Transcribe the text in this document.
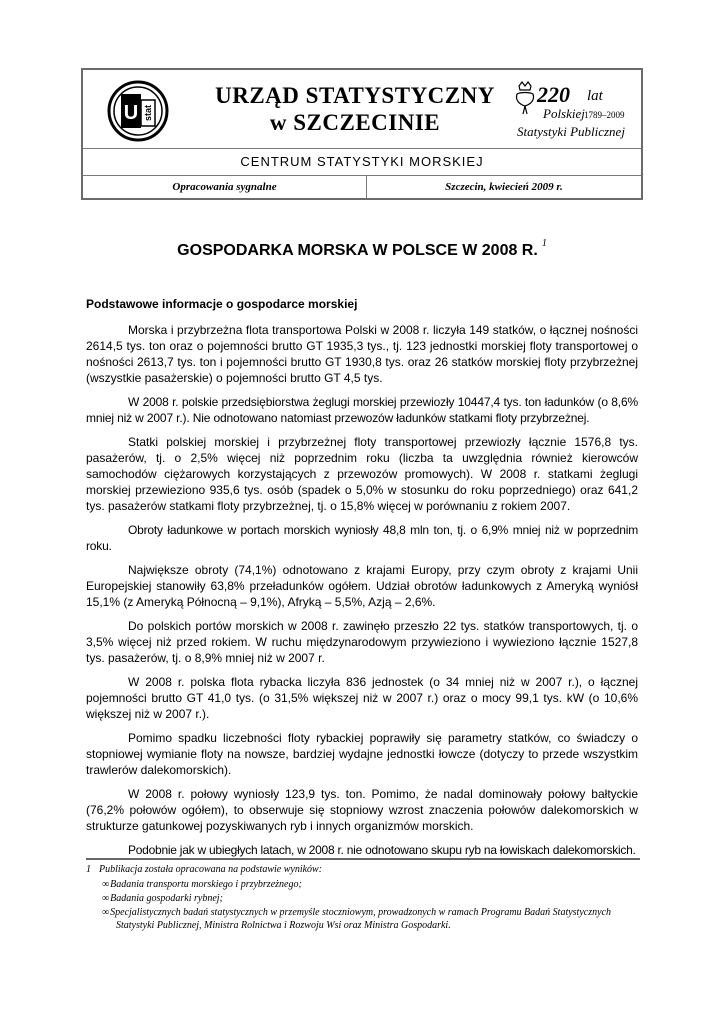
U stat
URZĄD STATYSTYCZNY
w SZCZECINIE
220 lat
Polskiej 1789–2009
Statystyki Publicznej
CENTRUM STATYSTYKI MORSKIEJ
Opracowania sygnalne	Szczecin, kwiecień 2009 r.
GOSPODARKA MORSKA W POLSCE W 2008 R. $^1$
Podstawowe informacje o gospodarce morskiej

Morska i przybrzeżna flota transportowa Polski w 2008 r. liczyła 149 statków, o łącznej nośności 2614,5 tys. ton oraz o pojemności brutto GT 1935,3 tys., tj. 123 jednostki morskiej floty transportowej o nośności 2613,7 tys. ton i pojemności brutto GT 1930,8 tys. oraz 26 statków morskiej floty przybrzeżnej (wszystkie pasażerskie) o pojemności brutto GT 4,5 tys.

W 2008 r. polskie przedsiębiorstwa żeglugi morskiej przewiozły 10447,4 tys. ton ładunków (o 8,6% mniej niż w 2007 r.). Nie odnotowano natomiast przewozów ładunków statkami floty przybrzeżnej.

Statki polskiej morskiej i przybrzeżnej floty transportowej przewiozły łącznie 1576,8 tys. pasażerów, tj. o 2,5% więcej niż poprzednim roku (liczba ta uwzględnia również kierowców samochodów ciężarowych korzystających z przewozów promowych). W 2008 r. statkami żeglugi morskiej przewieziono 935,6 tys. osób (spadek o 5,0% w stosunku do roku poprzedniego) oraz 641,2 tys. pasażerów statkami floty przybrzeżnej, tj. o 15,8% więcej w porównaniu z rokiem 2007.

Obroty ładunkowe w portach morskich wyniosły 48,8 mln ton, tj. o 6,9% mniej niż w poprzednim roku.

Największe obroty (74,1%) odnotowano z krajami Europy, przy czym obroty z krajami Unii Europejskiej stanowiły 63,8% przeładunków ogółem. Udział obrotów ładunkowych z Ameryką wyniósł 15,1% (z Ameryką Północną – 9,1%), Afryką – 5,5%, Azją – 2,6%.

Do polskich portów morskich w 2008 r. zawinęło przeszło 22 tys. statków transportowych, tj. o 3,5% więcej niż przed rokiem. W ruchu międzynarodowym przywieziono i wywieziono łącznie 1527,8 tys. pasażerów, tj. o 8,9% mniej niż w 2007 r.

W 2008 r. polska flota rybacka liczyła 836 jednostek (o 34 mniej niż w 2007 r.), o łącznej pojemności brutto GT 41,0 tys. (o 31,5% większej niż w 2007 r.) oraz o mocy 99,1 tys. kW (o 10,6% większej niż w 2007 r.).

Pomimo spadku liczebności floty rybackiej poprawiły się parametry statków, co świadczy o stopniowej wymianie floty na nowsze, bardziej wydajne jednostki łowcze (dotyczy to przede wszystkim trawlerów dalekomorskich).

W 2008 r. połowy wyniosły 123,9 tys. ton. Pomimo, że nadal dominowały połowy bałtyckie (76,2% połowów ogółem), to obserwuje się stopniowy wzrost znaczenia połowów dalekomorskich w strukturze gatunkowej pozyskiwanych ryb i innych organizmów morskich.

Podobnie jak w ubiegłych latach, w 2008 r. nie odnotowano skupu ryb na łowiskach dalekomorskich.

1 Publikacja została opracowana na podstawie wyników:
∞Badania transportu morskiego i przybrzeżnego;
∞Badania gospodarki rybnej;
∞Specjalistycznych badań statystycznych w przemyśle stoczniowym, prowadzonych w ramach Programu Badań Statystycznych Statystyki Publicznej, Ministra Rolnictwa i Rozwoju Wsi oraz Ministra Gospodarki.
